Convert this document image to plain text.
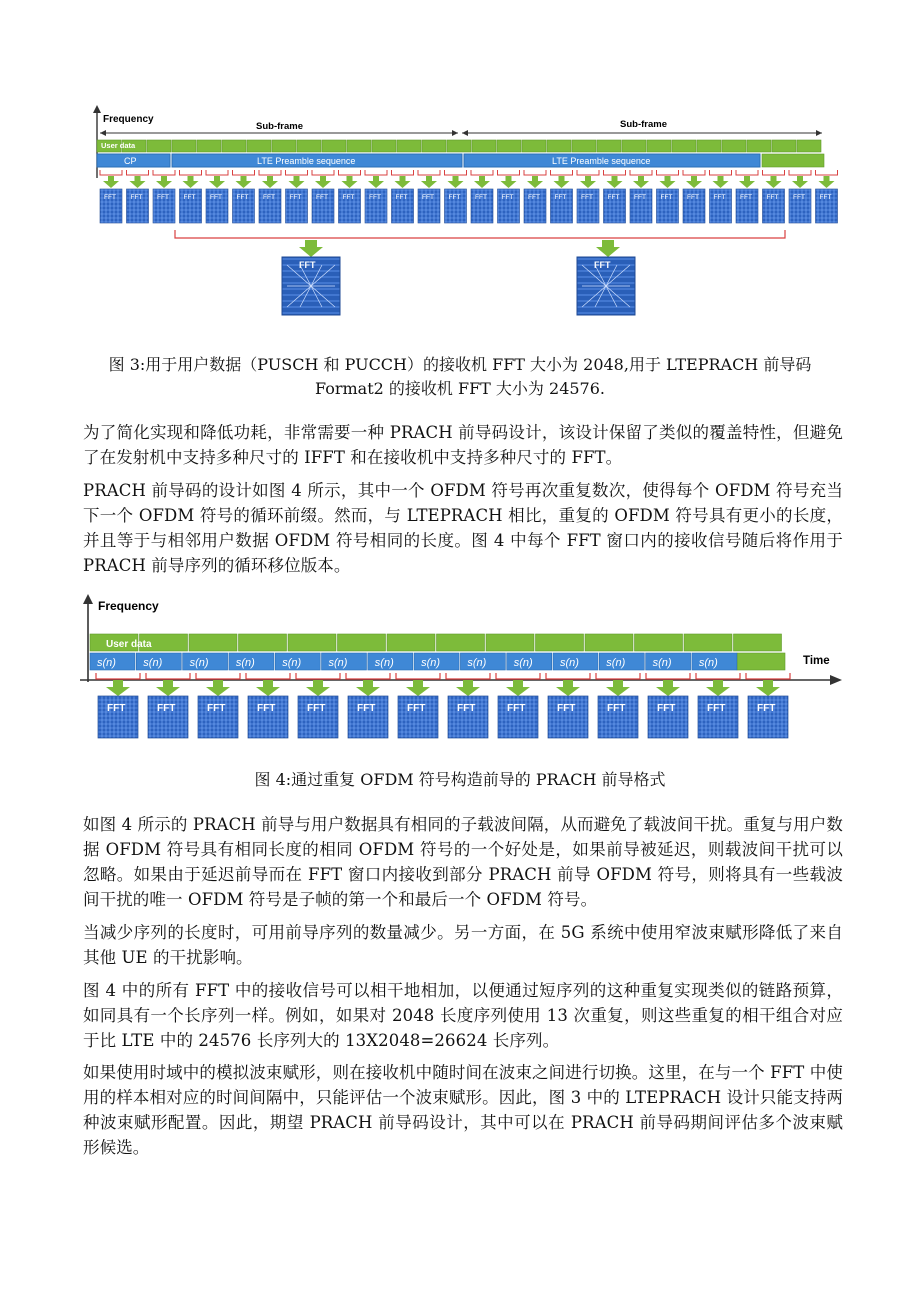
Frequency
Sub-frame	Sub-frame
User data
CP	LTE Preamble sequence	LTE Preamble sequence
FFT FFT FFT FFT FFT FFT FFT FFT FFT FFT FFT FFT FFT FFT FFT FFT FFT FFT FFT FFT FFT FFT FFT FFT FFT FFT FFT FFT
FFT	FFT
图 3:用于用户数据（PUSCH 和 PUCCH）的接收机 FFT 大小为 2048,用于 LTEPRACH 前导码
Format2 的接收机 FFT 大小为 24576.

为了简化实现和降低功耗，非常需要一种 PRACH 前导码设计，该设计保留了类似的覆盖特性，但避免了在发射机中支持多种尺寸的 IFFT 和在接收机中支持多种尺寸的 FFT。

PRACH 前导码的设计如图 4 所示，其中一个 OFDM 符号再次重复数次，使得每个 OFDM 符号充当下一个 OFDM 符号的循环前缀。然而，与 LTEPRACH 相比，重复的 OFDM 符号具有更小的长度，并且等于与相邻用户数据 OFDM 符号相同的长度。图 4 中每个 FFT 窗口内的接收信号随后将作用于 PRACH 前导序列的循环移位版本。

Frequency
Time
User data
s(n) s(n) s(n) s(n) s(n) s(n) s(n) s(n) s(n) s(n) s(n) s(n) s(n) s(n)
FFT	FFT	FFT	FFT	FFT	FFT	FFT	FFT	FFT	FFT	FFT	FFT	FFT	FFT
图 4:通过重复 OFDM 符号构造前导的 PRACH 前导格式

如图 4 所示的 PRACH 前导与用户数据具有相同的子载波间隔，从而避免了载波间干扰。重复与用户数据 OFDM 符号具有相同长度的相同 OFDM 符号的一个好处是，如果前导被延迟，则载波间干扰可以忽略。如果由于延迟前导而在 FFT 窗口内接收到部分 PRACH 前导 OFDM 符号，则将具有一些载波间干扰的唯一 OFDM 符号是子帧的第一个和最后一个 OFDM 符号。

当减少序列的长度时，可用前导序列的数量减少。另一方面，在 5G 系统中使用窄波束赋形降低了来自其他 UE 的干扰影响。

图 4 中的所有 FFT 中的接收信号可以相干地相加，以便通过短序列的这种重复实现类似的链路预算，如同具有一个长序列一样。例如，如果对 2048 长度序列使用 13 次重复，则这些重复的相干组合对应于比 LTE 中的 24576 长序列大的 13X2048=26624 长序列。

如果使用时域中的模拟波束赋形，则在接收机中随时间在波束之间进行切换。这里，在与一个 FFT 中使用的样本相对应的时间间隔中，只能评估一个波束赋形。因此，图 3 中的 LTEPRACH 设计只能支持两种波束赋形配置。因此，期望 PRACH 前导码设计，其中可以在 PRACH 前导码期间评估多个波束赋形候选。
